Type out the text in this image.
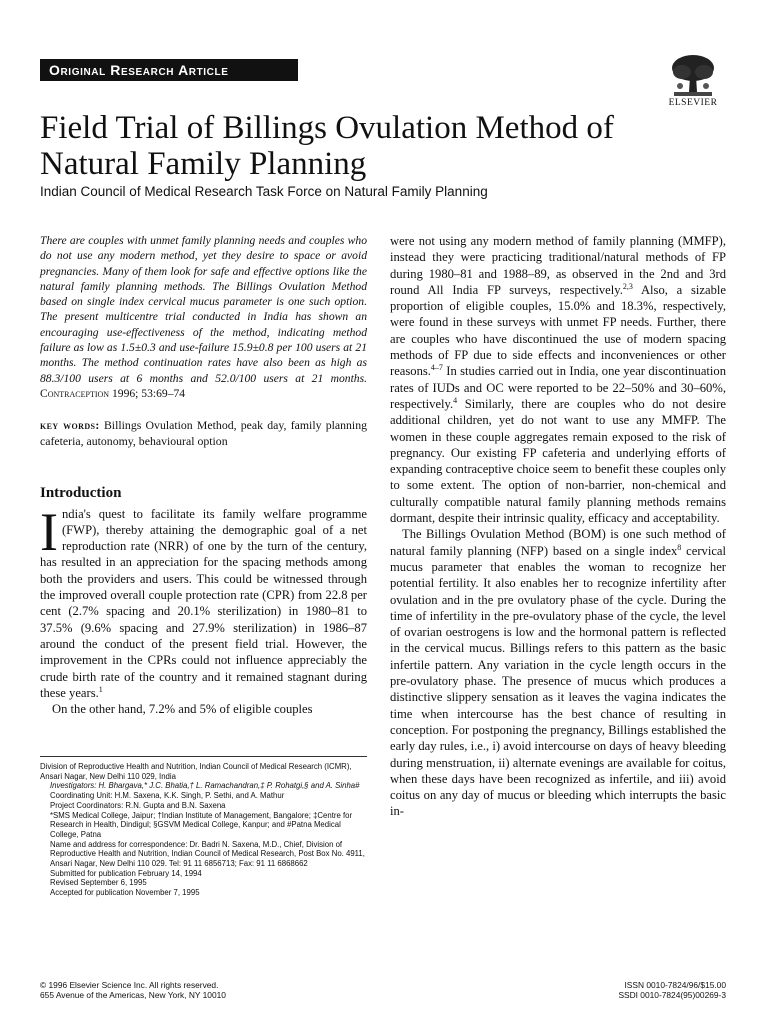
Original Research Article
ELSEVIER
Field Trial of Billings Ovulation Method of Natural Family Planning
Indian Council of Medical Research Task Force on Natural Family Planning

There are couples with unmet family planning needs and couples who do not use any modern method, yet they desire to space or avoid pregnancies. Many of them look for safe and effective options like the natural family planning methods. The Billings Ovulation Method based on single index cervical mucus parameter is one such option. The present multicentre trial conducted in India has shown an encouraging use-effectiveness of the method, indicating method failure as low as 1.5±0.3 and use-failure 15.9±0.8 per 100 users at 21 months. The method continuation rates have also been as high as 88.3/100 users at 6 months and 52.0/100 users at 21 months. Contraception 1996; 53:69–74

key words: Billings Ovulation Method, peak day, family planning cafeteria, autonomy, behavioural option

Introduction

India's quest to facilitate its family welfare programme (FWP), thereby attaining the demographic goal of a net reproduction rate (NRR) of one by the turn of the century, has resulted in an appreciation for the spacing methods among both the providers and users. This could be witnessed through the improved overall couple protection rate (CPR) from 22.8 per cent (2.7% spacing and 20.1% sterilization) in 1980–81 to 37.5% (9.6% spacing and 27.9% sterilization) in 1986–87 around the conduct of the present field trial. However, the improvement in the CPRs could not influence appreciably the crude birth rate of the country and it remained stagnant during these years.$^1$

On the other hand, 7.2% and 5% of eligible couples

Division of Reproductive Health and Nutrition, Indian Council of Medical Research (ICMR), Ansari Nagar, New Delhi 110 029, India
Investigators: H. Bhargava,* J.C. Bhatia,† L. Ramachandran,‡ P. Rohatgi,§ and A. Sinha#
Coordinating Unit: H.M. Saxena, K.K. Singh, P. Sethi, and A. Mathur
Project Coordinators: R.N. Gupta and B.N. Saxena
*SMS Medical College, Jaipur; †Indian Institute of Management, Bangalore; ‡Centre for Research in Health, Dindigul; §GSVM Medical College, Kanpur; and #Patna Medical College, Patna
Name and address for correspondence: Dr. Badri N. Saxena, M.D., Chief, Division of Reproductive Health and Nutrition, Indian Council of Medical Research, Post Box No. 4911, Ansari Nagar, New Delhi 110 029. Tel: 91 11 6856713; Fax: 91 11 6868662
Submitted for publication February 14, 1994
Revised September 6, 1995
Accepted for publication November 7, 1995

were not using any modern method of family planning (MMFP), instead they were practicing traditional/natural methods of FP during 1980–81 and 1988–89, as observed in the 2nd and 3rd round All India FP surveys, respectively.$^{2,3}$ Also, a sizable proportion of eligible couples, 15.0% and 18.3%, respectively, were found in these surveys with unmet FP needs. Further, there are couples who have discontinued the use of modern spacing methods of FP due to side effects and inconveniences or other reasons.$^{4-7}$ In studies carried out in India, one year discontinuation rates of IUDs and OC were reported to be 22–50% and 30–60%, respectively.$^4$ Similarly, there are couples who do not desire additional children, yet do not want to use any MMFP. The women in these couple aggregates remain exposed to the risk of pregnancy. Our existing FP cafeteria and underlying efforts of expanding contraceptive choice seem to benefit these couples only to some extent. The option of non-barrier, non-chemical and culturally compatible natural family planning methods remains dormant, despite their intrinsic quality, efficacy and acceptability.

The Billings Ovulation Method (BOM) is one such method of natural family planning (NFP) based on a single index$^8$ cervical mucus parameter that enables the woman to recognize her potential fertility. It also enables her to recognize infertility after ovulation and in the pre ovulatory phase of the cycle. During the time of infertility in the pre-ovulatory phase of the cycle, the level of ovarian oestrogens is low and the hormonal pattern is reflected in the cervical mucus. Billings refers to this pattern as the basic infertile pattern. Any variation in the cycle length occurs in the pre-ovulatory phase. The presence of mucus which produces a distinctive slippery sensation as it leaves the vagina indicates the time when intercourse has the best chance of resulting in conception. For postponing the pregnancy, Billings established the early day rules, i.e., i) avoid intercourse on days of heavy bleeding during menstruation, ii) alternate evenings are available for coitus, when these days have been recognized as infertile, and iii) avoid coitus on any day of mucus or bleeding which interrupts the basic in-

© 1996 Elsevier Science Inc. All rights reserved.
655 Avenue of the Americas, New York, NY 10010
ISSN 0010-7824/96/$15.00
SSDI 0010-7824(95)00269-3
